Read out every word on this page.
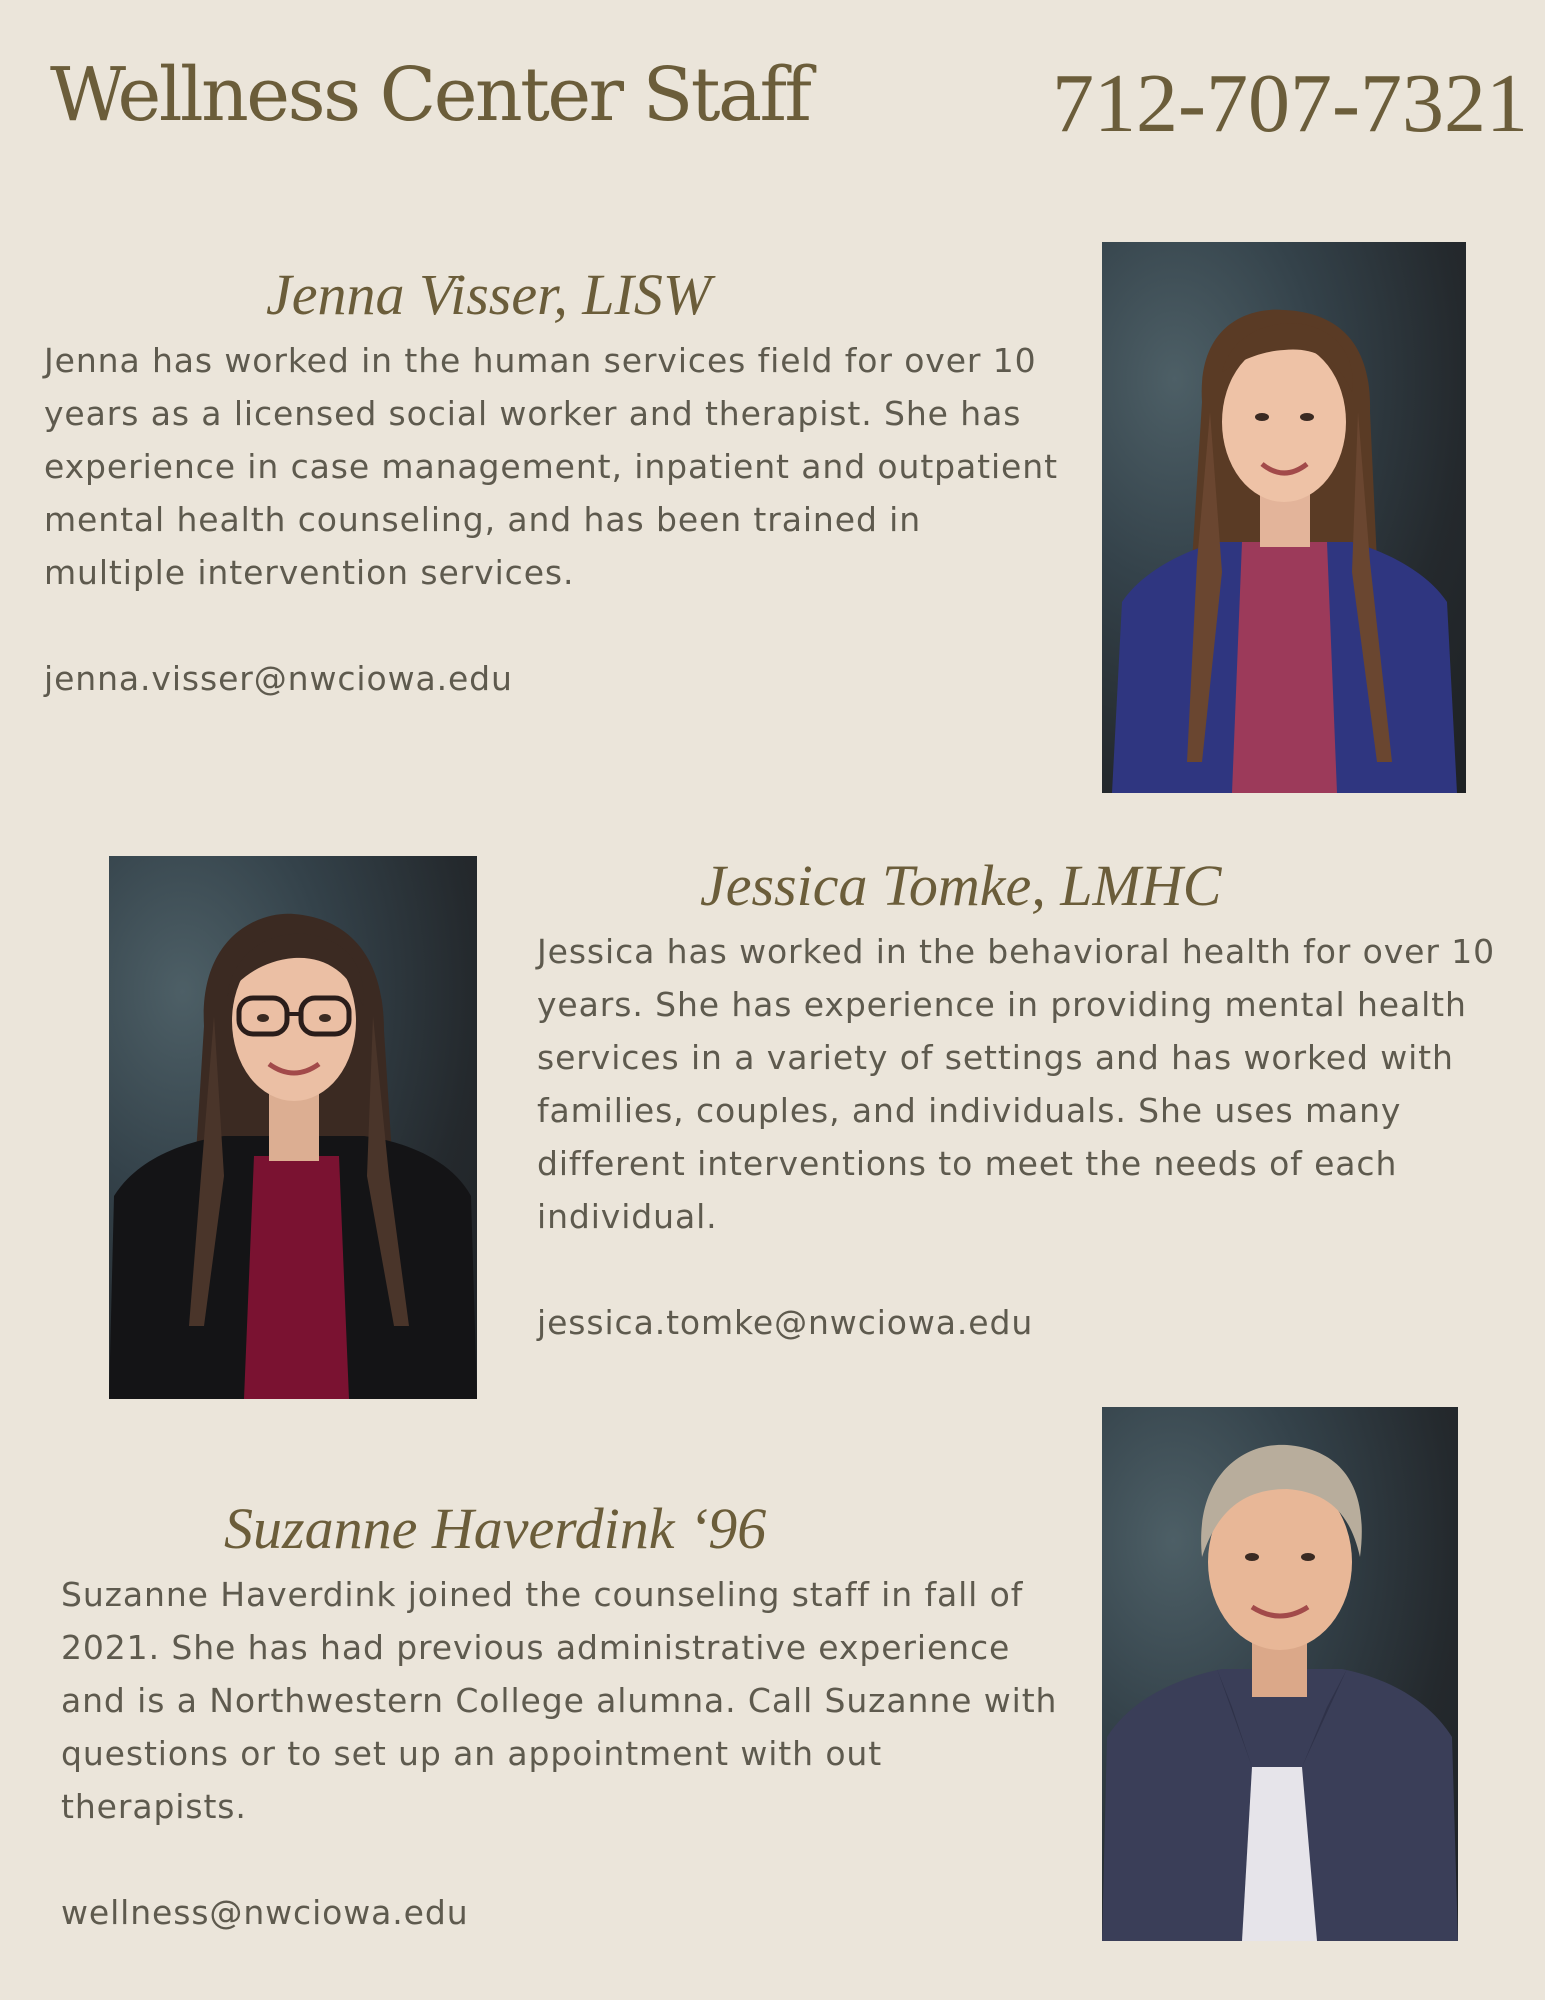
Wellness Center Staff	712-707-7321
Jenna Visser, LISW

Jenna has worked in the human services field for over 10 years as a licensed social worker and therapist. She has experience in case management, inpatient and outpatient mental health counseling, and has been trained in multiple intervention services.

jenna.visser@nwciowa.edu
Jessica Tomke, LMHC

Jessica has worked in the behavioral health for over 10 years. She has experience in providing mental health services in a variety of settings and has worked with families, couples, and individuals. She uses many different interventions to meet the needs of each individual.

jessica.tomke@nwciowa.edu
Suzanne Haverdink ‘96

Suzanne Haverdink joined the counseling staff in fall of 2021. She has had previous administrative experience and is a Northwestern College alumna. Call Suzanne with questions or to set up an appointment with out therapists.

wellness@nwciowa.edu
